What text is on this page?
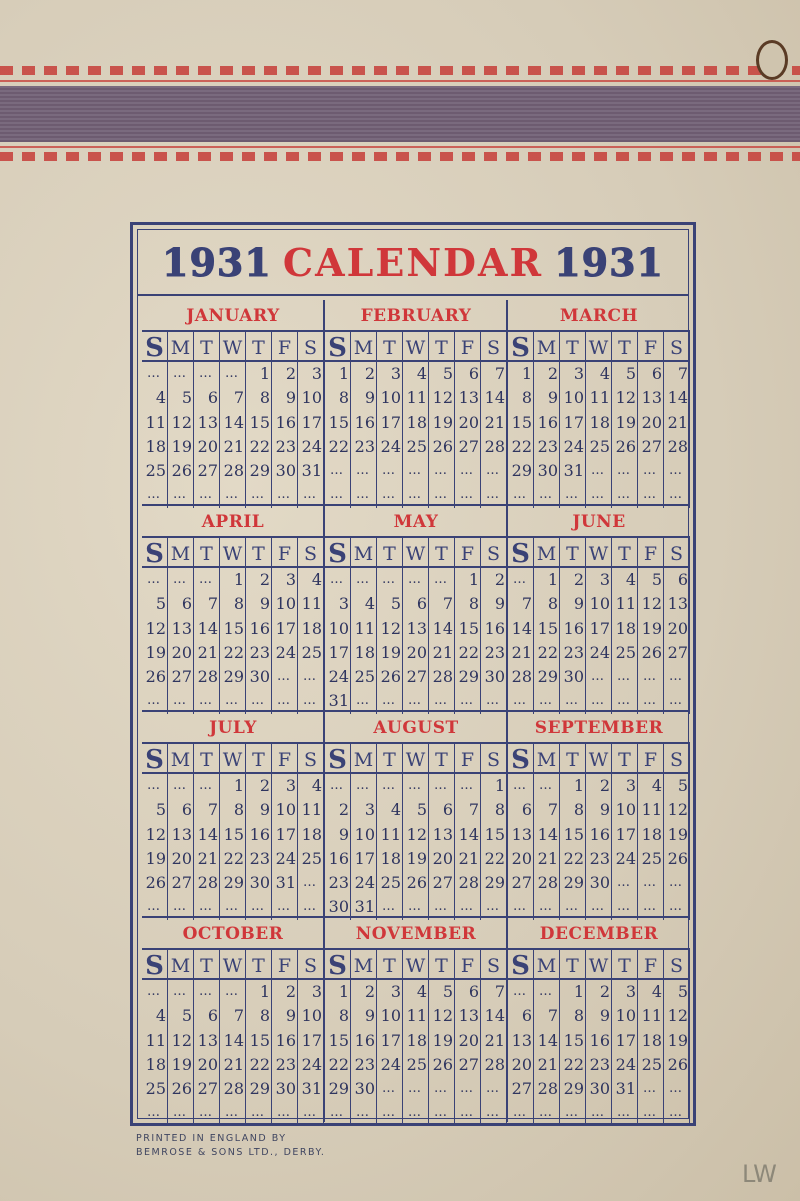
1931 CALENDAR 1931
JANUARY
S M T W T F S
… … … …	1 2 3
4 5 6 7 8 9 10
11 12 13 14 15 16 17
18 19 20 21 22 23 24
25 26 27 28 29 30 31
… … … … … … …
FEBRUARY
S M T W T F S
1 2 3 4 5 6 7
8 9 10 11 12 13 14
15 16 17 18 19 20 21
22 23 24 25 26 27 28
… … … … … … …
… … … … … … …
MARCH
S M T W T F S
1 2 3 4 5 6 7
8 9 10 11 12 13 14
15 16 17 18 19 20 21
22 23 24 25 26 27 28
29 30 31 … … … …
… … … … … … …
APRIL
S M T W T F S
… … …	1 2 3 4
5 6 7 8 9 10 11
12 13 14 15 16 17 18
19 20 21 22 23 24 25
26 27 28 29 30 … …
… … … … … … …
MAY
S M T W T F S
… … … … …	1 2
3 4 5 6 7 8 9
10 11 12 13 14 15 16
17 18 19 20 21 22 23
24 25 26 27 28 29 30
31 … … … … … …
JUNE
S M T W T F S
…	1 2 3 4 5 6
7 8 9 10 11 12 13
14 15 16 17 18 19 20
21 22 23 24 25 26 27
28 29 30 … … … …
… … … … … … …
JULY
S M T W T F S
… … …	1 2 3 4
5 6 7 8 9 10 11
12 13 14 15 16 17 18
19 20 21 22 23 24 25
26 27 28 29 30 31 …
… … … … … … …
AUGUST
S M T W T F S
… … … … … …	1
2 3 4 5 6 7 8
9 10 11 12 13 14 15
16 17 18 19 20 21 22
23 24 25 26 27 28 29
30 31 … … … … …
SEPTEMBER
S M T W T F S
… …	1 2 3 4 5
6 7 8 9 10 11 12
13 14 15 16 17 18 19
20 21 22 23 24 25 26
27 28 29 30 … … …
… … … … … … …
OCTOBER
S M T W T F S
… … … …	1 2 3
4 5 6 7 8 9 10
11 12 13 14 15 16 17
18 19 20 21 22 23 24
25 26 27 28 29 30 31
… … … … … … …
NOVEMBER
S M T W T F S
1 2 3 4 5 6 7
8 9 10 11 12 13 14
15 16 17 18 19 20 21
22 23 24 25 26 27 28
29 30 … … … … …
… … … … … … …
DECEMBER
S M T W T F S
… …	1 2 3 4 5
6 7 8 9 10 11 12
13 14 15 16 17 18 19
20 21 22 23 24 25 26
27 28 29 30 31 … …
… … … … … … …
PRINTED IN ENGLAND BY
BEMROSE & SONS LTD., DERBY.
LW
